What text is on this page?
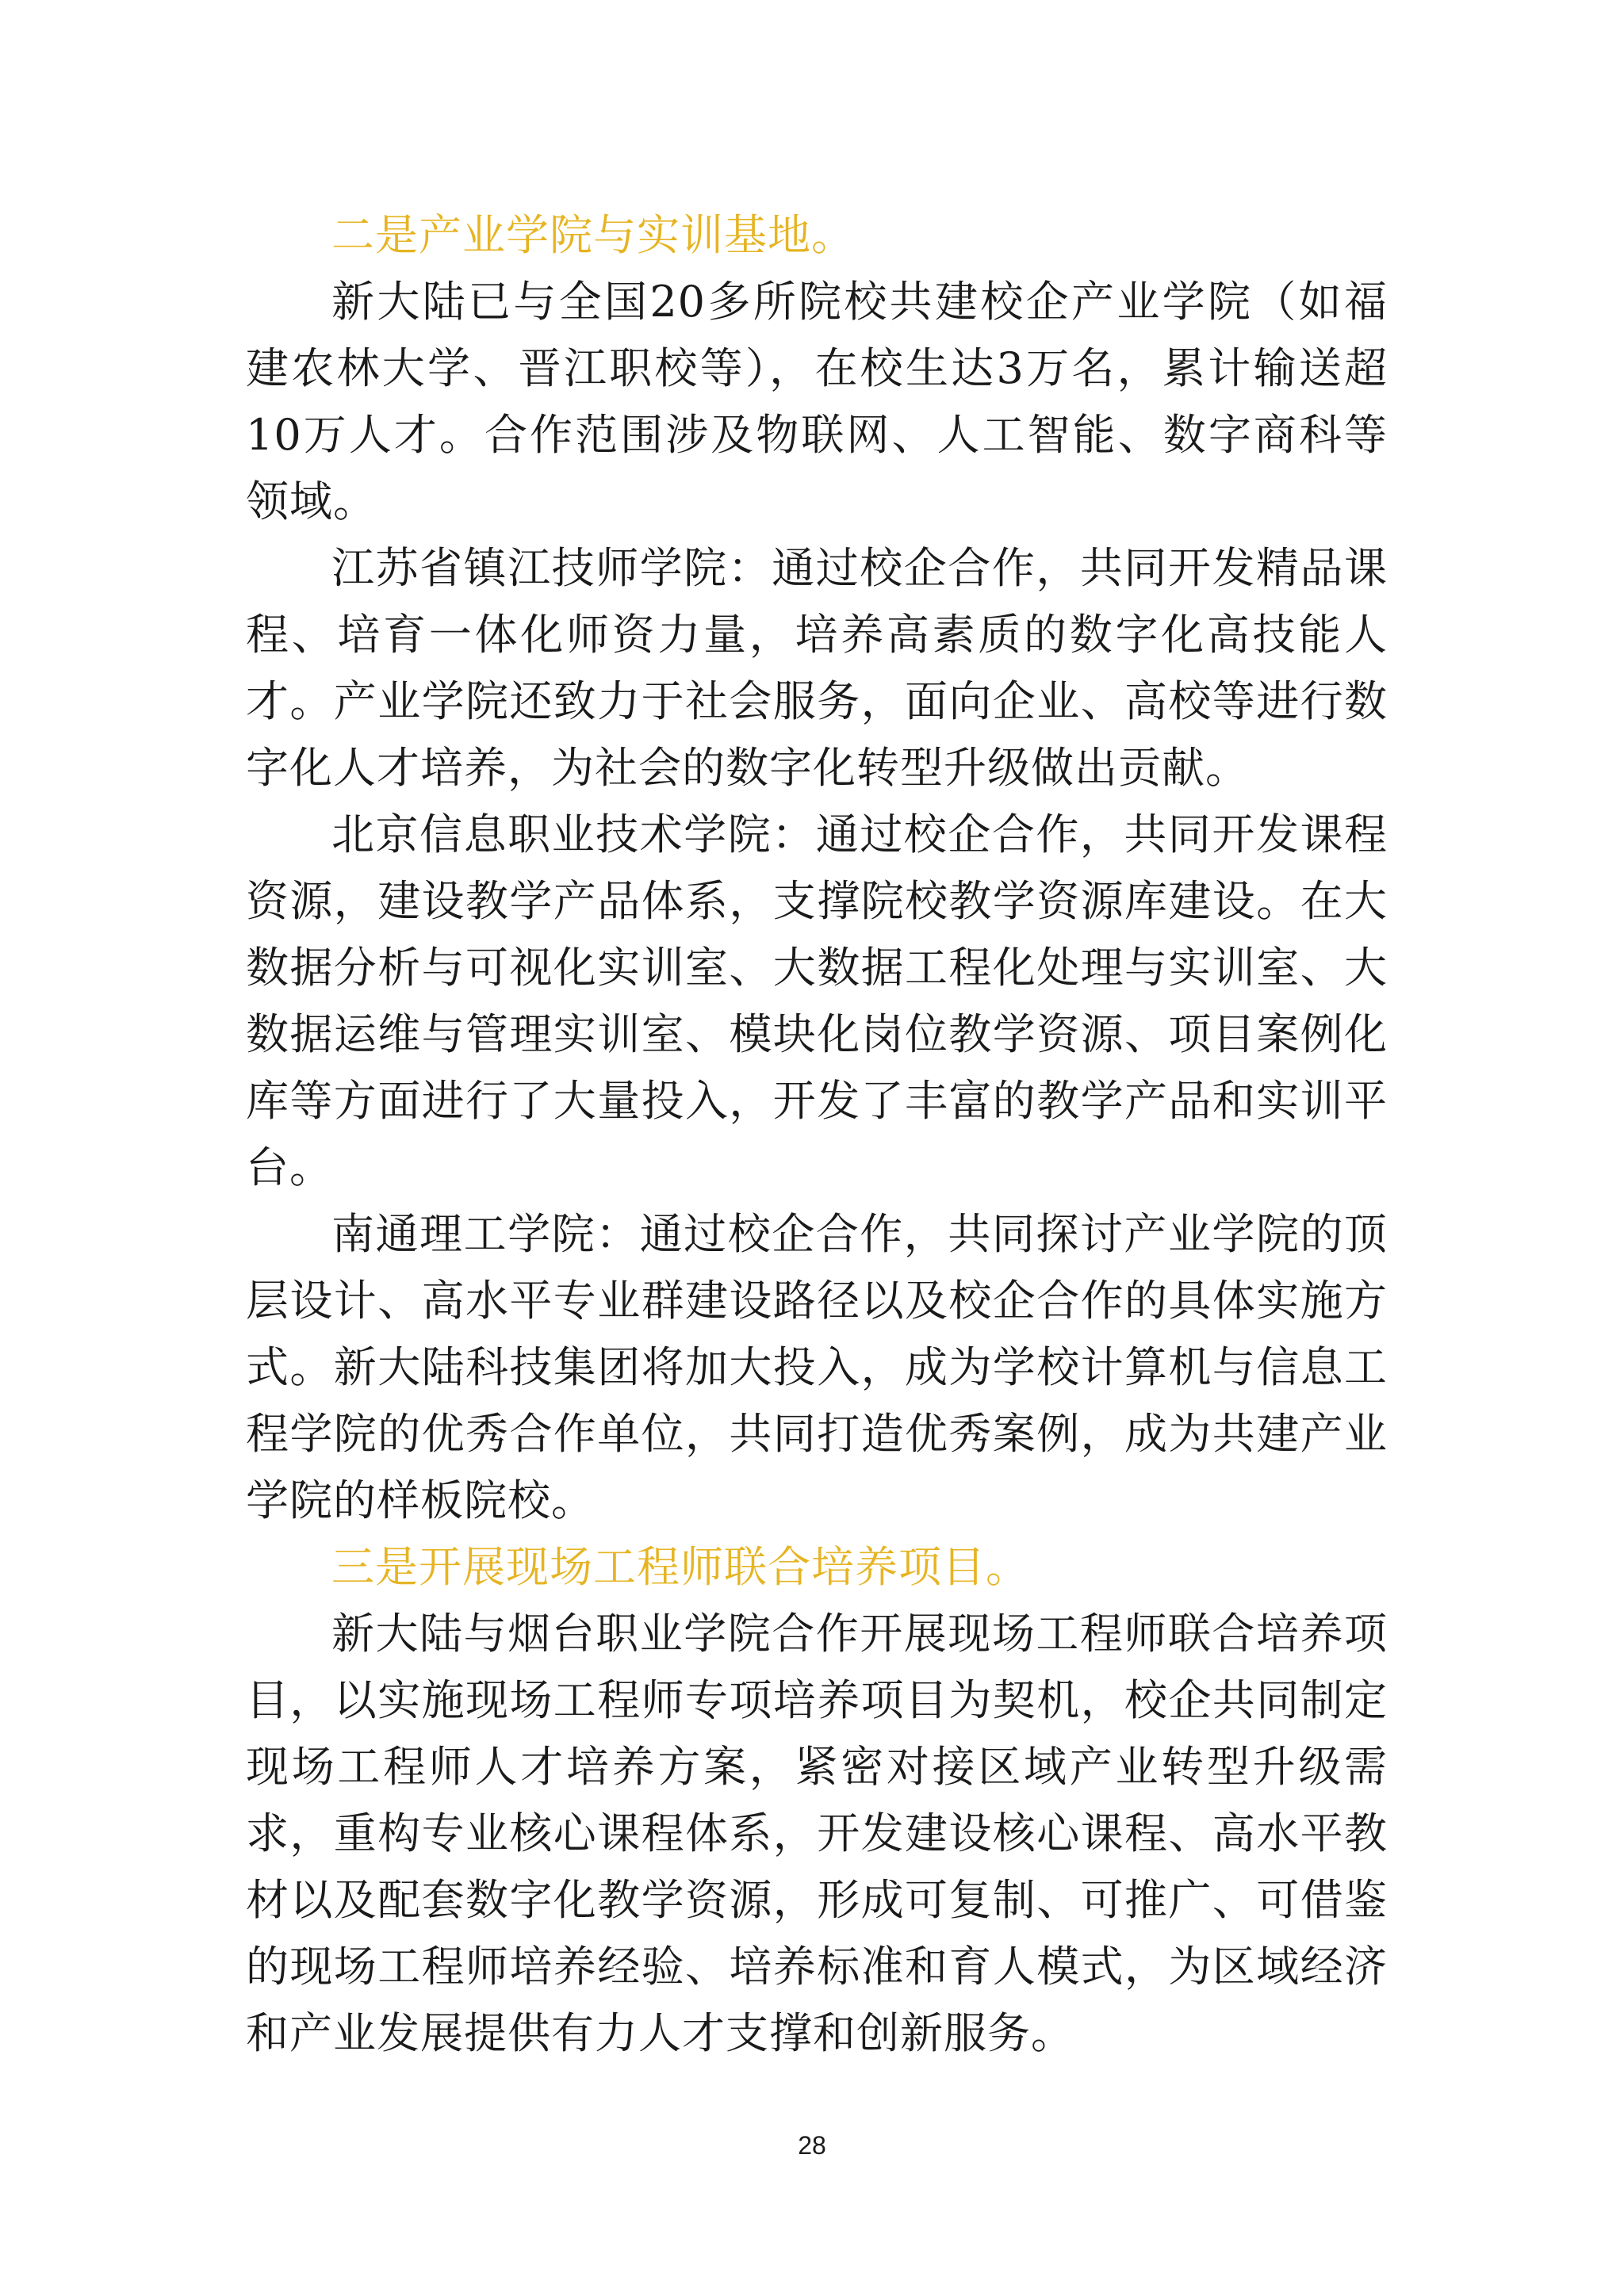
二是产业学院与实训基地。

新大陆已与全国20多所院校共建校企产业学院（如福建农林大学、晋江职校等），在校生达3万名，累计输送超10万人才。合作范围涉及物联网、人工智能、数字商科等领域。

江苏省镇江技师学院：通过校企合作，共同开发精品课程、培育一体化师资力量，培养高素质的数字化高技能人才。产业学院还致力于社会服务，面向企业、高校等进行数字化人才培养，为社会的数字化转型升级做出贡献。

北京信息职业技术学院：通过校企合作，共同开发课程资源，建设教学产品体系，支撑院校教学资源库建设。在大数据分析与可视化实训室、大数据工程化处理与实训室、大数据运维与管理实训室、模块化岗位教学资源、项目案例化库等方面进行了大量投入，开发了丰富的教学产品和实训平台。

南通理工学院：通过校企合作，共同探讨产业学院的顶层设计、高水平专业群建设路径以及校企合作的具体实施方式。新大陆科技集团将加大投入，成为学校计算机与信息工程学院的优秀合作单位，共同打造优秀案例，成为共建产业学院的样板院校。

三是开展现场工程师联合培养项目。

新大陆与烟台职业学院合作开展现场工程师联合培养项目，以实施现场工程师专项培养项目为契机，校企共同制定现场工程师人才培养方案，紧密对接区域产业转型升级需求，重构专业核心课程体系，开发建设核心课程、高水平教材以及配套数字化教学资源，形成可复制、可推广、可借鉴的现场工程师培养经验、培养标准和育人模式，为区域经济和产业发展提供有力人才支撑和创新服务。

28
